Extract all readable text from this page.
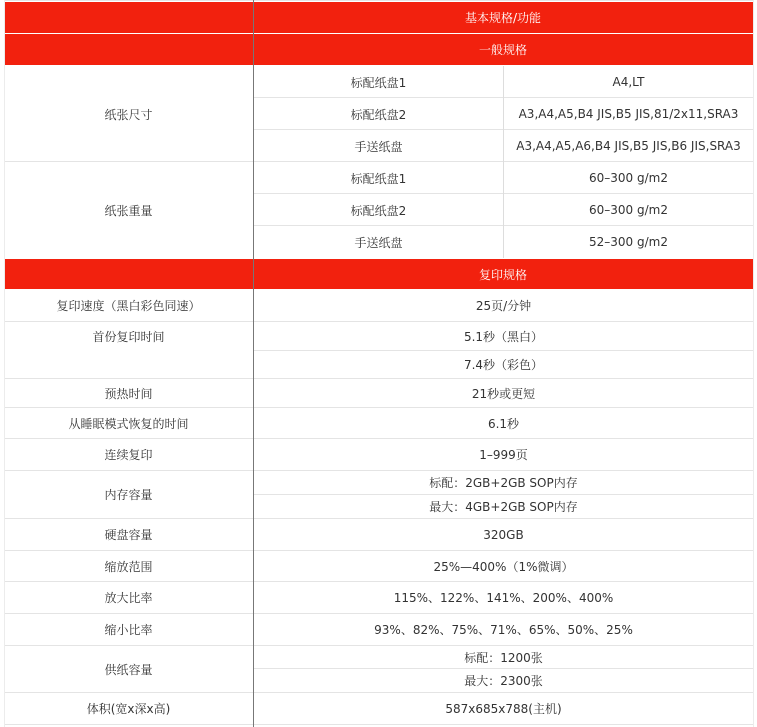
基本规格/功能
一般规格
纸张尺寸
标配纸盘1	A4,LT
标配纸盘2	A3,A4,A5,B4 JIS,B5 JIS,81/2x11,SRA3
手送纸盘	A3,A4,A5,A6,B4 JIS,B5 JIS,B6 JIS,SRA3
纸张重量
标配纸盘1	60–300 g/m2
标配纸盘2	60–300 g/m2
手送纸盘	52–300 g/m2
复印规格
复印速度（黑白彩色同速）	25页/分钟
首份复印时间	5.1秒（黑白）
7.4秒（彩色）
预热时间	21秒或更短
从睡眠模式恢复的时间	6.1秒
连续复印	1–999页
内存容量
标配：2GB+2GB SOP内存
最大：4GB+2GB SOP内存
硬盘容量	320GB
缩放范围	25%—400%（1%微调）
放大比率	115%、122%、141%、200%、400%
缩小比率	93%、82%、75%、71%、65%、50%、25%
供纸容量
标配：1200张
最大：2300张
体积(宽x深x高)	587x685x788(主机)
